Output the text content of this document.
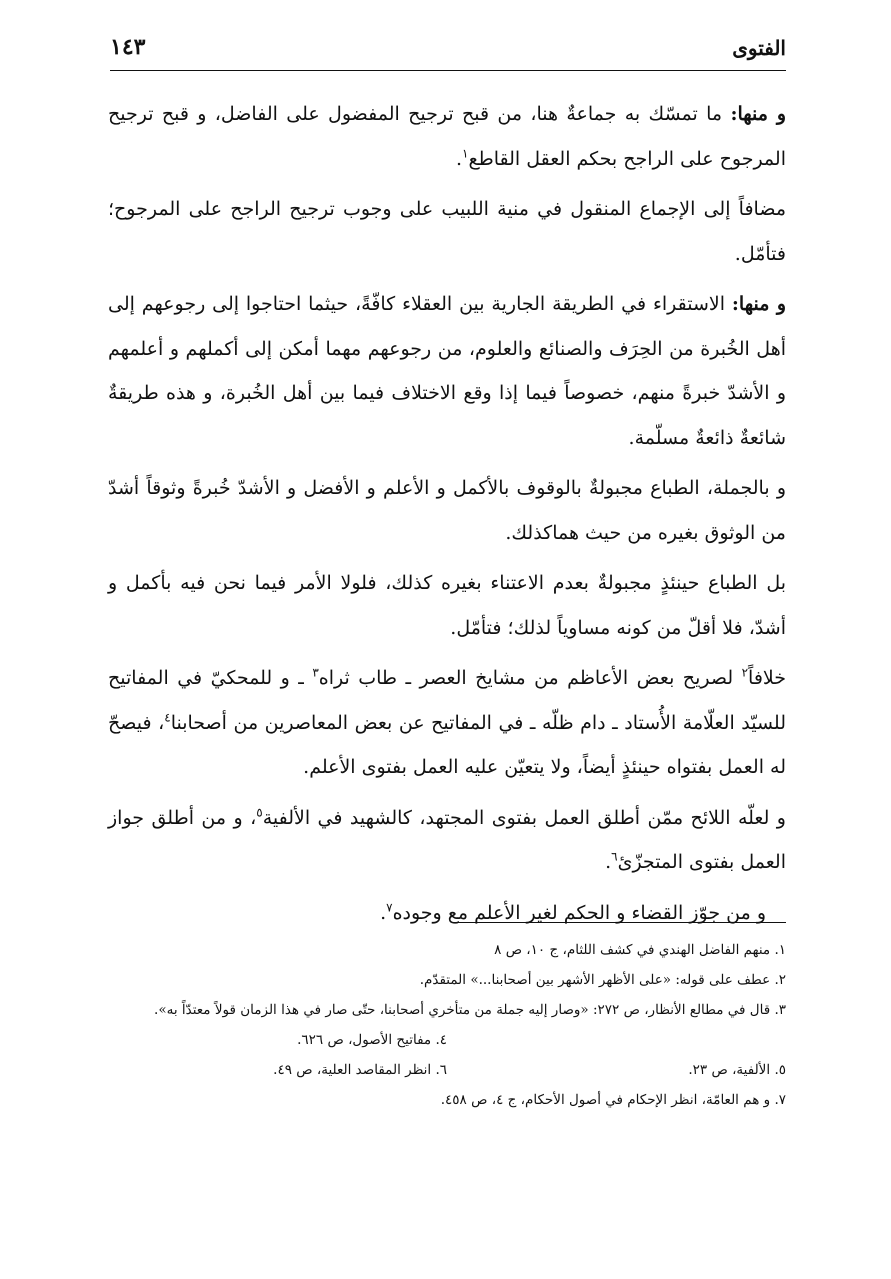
الفتوى
١٤٣

و منها: ما تمسّك به جماعةٌ هنا، من قبح ترجيح المفضول على الفاضل، و قبح ترجيح المرجوح على الراجح بحكم العقل القاطع$^١$.

مضافاً إلى الإجماع المنقول في منية اللبيب على وجوب ترجيح الراجح على المرجوح؛ فتأمّل.

و منها: الاستقراء في الطريقة الجارية بين العقلاء كافّةً، حيثما احتاجوا إلى رجوعهم إلى أهل الخُبرة من الحِرَف والصنائع والعلوم، من رجوعهم مهما أمكن إلى أكملهم و أعلمهم و الأشدّ خبرةً منهم، خصوصاً فيما إذا وقع الاختلاف فيما بين أهل الخُبرة، و هذه طريقةٌ شائعةٌ ذائعةٌ مسلّمة.

و بالجملة، الطباع مجبولةٌ بالوقوف بالأكمل و الأعلم و الأفضل و الأشدّ خُبرةً وثوقاً أشدّ من الوثوق بغيره من حيث هماكذلك.

بل الطباع حينئذٍ مجبولةٌ بعدم الاعتناء بغيره كذلك، فلولا الأمر فيما نحن فيه بأكمل و أشدّ، فلا أقلّ من كونه مساوياً لذلك؛ فتأمّل.

خلافاً$^٢$ لصريح بعض الأعاظم من مشايخ العصر ـ طاب ثراه$^٣$ ـ و للمحكيّ في المفاتيح للسيّد العلّامة الأُستاد ـ دام ظلّه ـ في المفاتيح عن بعض المعاصرين من أصحابنا$^٤$، فيصحّ له العمل بفتواه حينئذٍ أيضاً، ولا يتعيّن عليه العمل بفتوى الأعلم.

و لعلّه اللائح ممّن أطلق العمل بفتوى المجتهد، كالشهيد في الألفية$^٥$، و من أطلق جواز العمل بفتوى المتجزّئ$^٦$.

و من جوّز القضاء و الحكم لغير الأعلم مع وجوده$^٧$.

١. منهم الفاضل الهندي في كشف اللثام، ج ١٠، ص ٨

٢. عطف على قوله: «على الأظهر الأشهر بين أصحابنا...» المتقدّم.

٣. قال في مطالع الأنظار، ص ٢٧٢: «وصار إليه جملة من متأخري أصحابنا، حتّى صار في هذا الزمان قولاً معتدّاً به».

٤. مفاتيح الأصول، ص ٦٢٦.

٥. الألفية، ص ٢٣.

٦. انظر المقاصد العلية، ص ٤٩.

٧. و هم العامّة، انظر الإحكام في أصول الأحكام، ج ٤، ص ٤٥٨.
